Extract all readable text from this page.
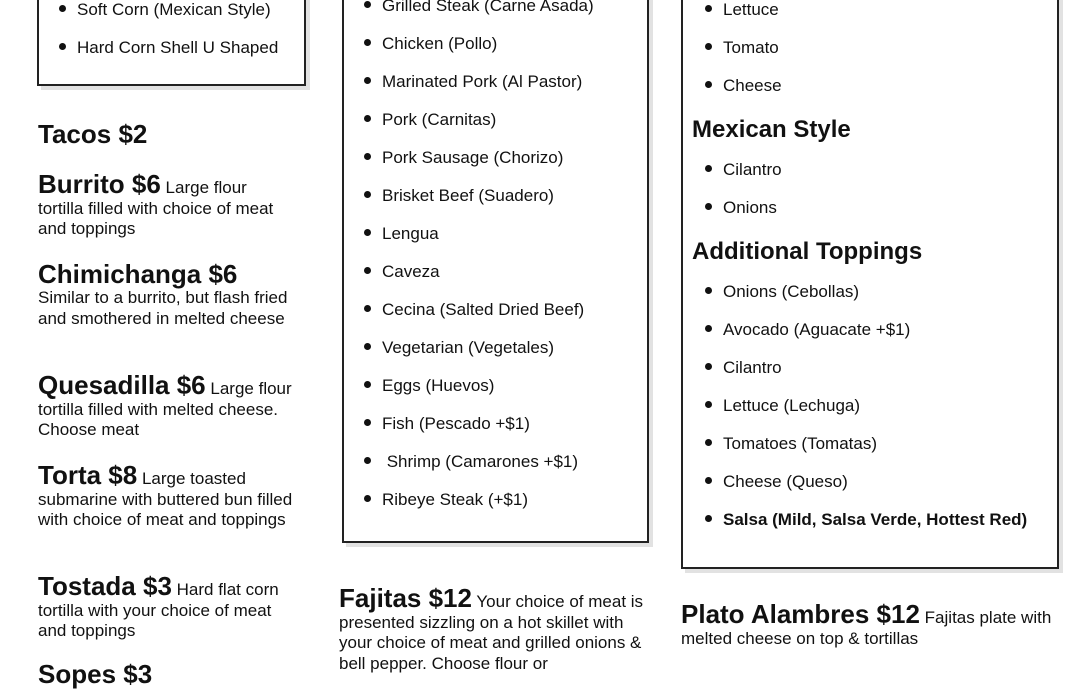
Soft Corn (Mexican Style)
Hard Corn Shell U Shaped
Tacos $2
Burrito $6 Large flour tortilla filled with choice of meat and toppings
Chimichanga $6
Similar to a burrito, but flash fried and smothered in melted cheese
Quesadilla $6 Large flour tortilla filled with melted cheese. Choose meat
Torta $8 Large toasted submarine with buttered bun filled with choice of meat and toppings
Tostada $3 Hard flat corn tortilla with your choice of meat and toppings
Sopes $3
Grilled Steak (Carne Asada)
Chicken (Pollo)
Marinated Pork (Al Pastor)
Pork (Carnitas)
Pork Sausage (Chorizo)
Brisket Beef (Suadero)
Lengua
Caveza
Cecina (Salted Dried Beef)
Vegetarian (Vegetales)
Eggs (Huevos)
Fish (Pescado +$1)
Shrimp (Camarones +$1)
Ribeye Steak (+$1)
Fajitas $12 Your choice of meat is presented sizzling on a hot skillet with your choice of meat and grilled onions & bell pepper. Choose flour or
Lettuce
Tomato
Cheese
Mexican Style
Cilantro
Onions
Additional Toppings
Onions (Cebollas)
Avocado (Aguacate +$1)
Cilantro
Lettuce (Lechuga)
Tomatoes (Tomatas)
Cheese (Queso)
Salsa (Mild, Salsa Verde, Hottest Red)
Plato Alambres $12 Fajitas plate with melted cheese on top & tortillas
